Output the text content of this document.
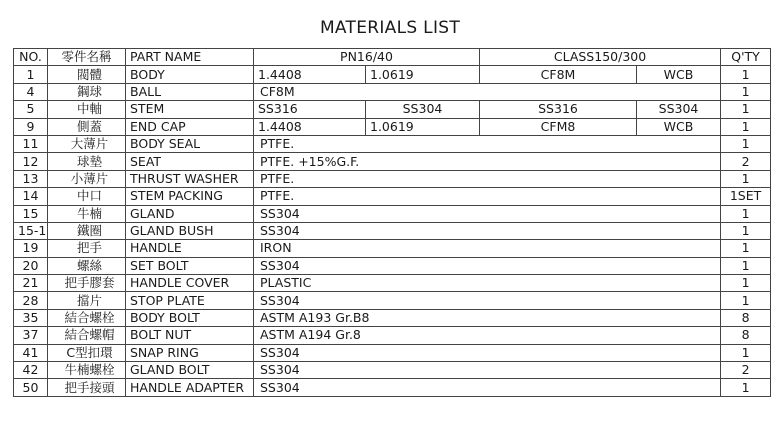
MATERIALS LIST
NO.	零件名稱	PART NAME	PN16/40		CLASS150/300		Q'TY
1	閥體	BODY	1.4408	1.0619	CF8M	WCB	1
4	鋼球	BALL	CF8M				1
5	中軸	STEM	SS316	SS304	SS316	SS304	1
9	側蓋	END CAP	1.4408	1.0619	CFM8	WCB	1
11	大薄片	BODY SEAL	PTFE.				1
12	球墊	SEAT	PTFE. +15%G.F.				2
13	小薄片	THRUST WASHER	PTFE.				1
14	中口	STEM PACKING	PTFE.				1SET
15	牛楠	GLAND	SS304				1
15-1	鐵圈	GLAND BUSH	SS304				1
19	把手	HANDLE	IRON				1
20	螺絲	SET BOLT	SS304				1
21	把手膠套	HANDLE COVER	PLASTIC				1
28	擋片	STOP PLATE	SS304				1
35	結合螺栓	BODY BOLT	ASTM A193 Gr.B8				8
37	結合螺帽	BOLT NUT	ASTM A194 Gr.8				8
41	C型扣環	SNAP RING	SS304				1
42	牛楠螺栓	GLAND BOLT	SS304				2
50	把手接頭	HANDLE ADAPTER	SS304				1
